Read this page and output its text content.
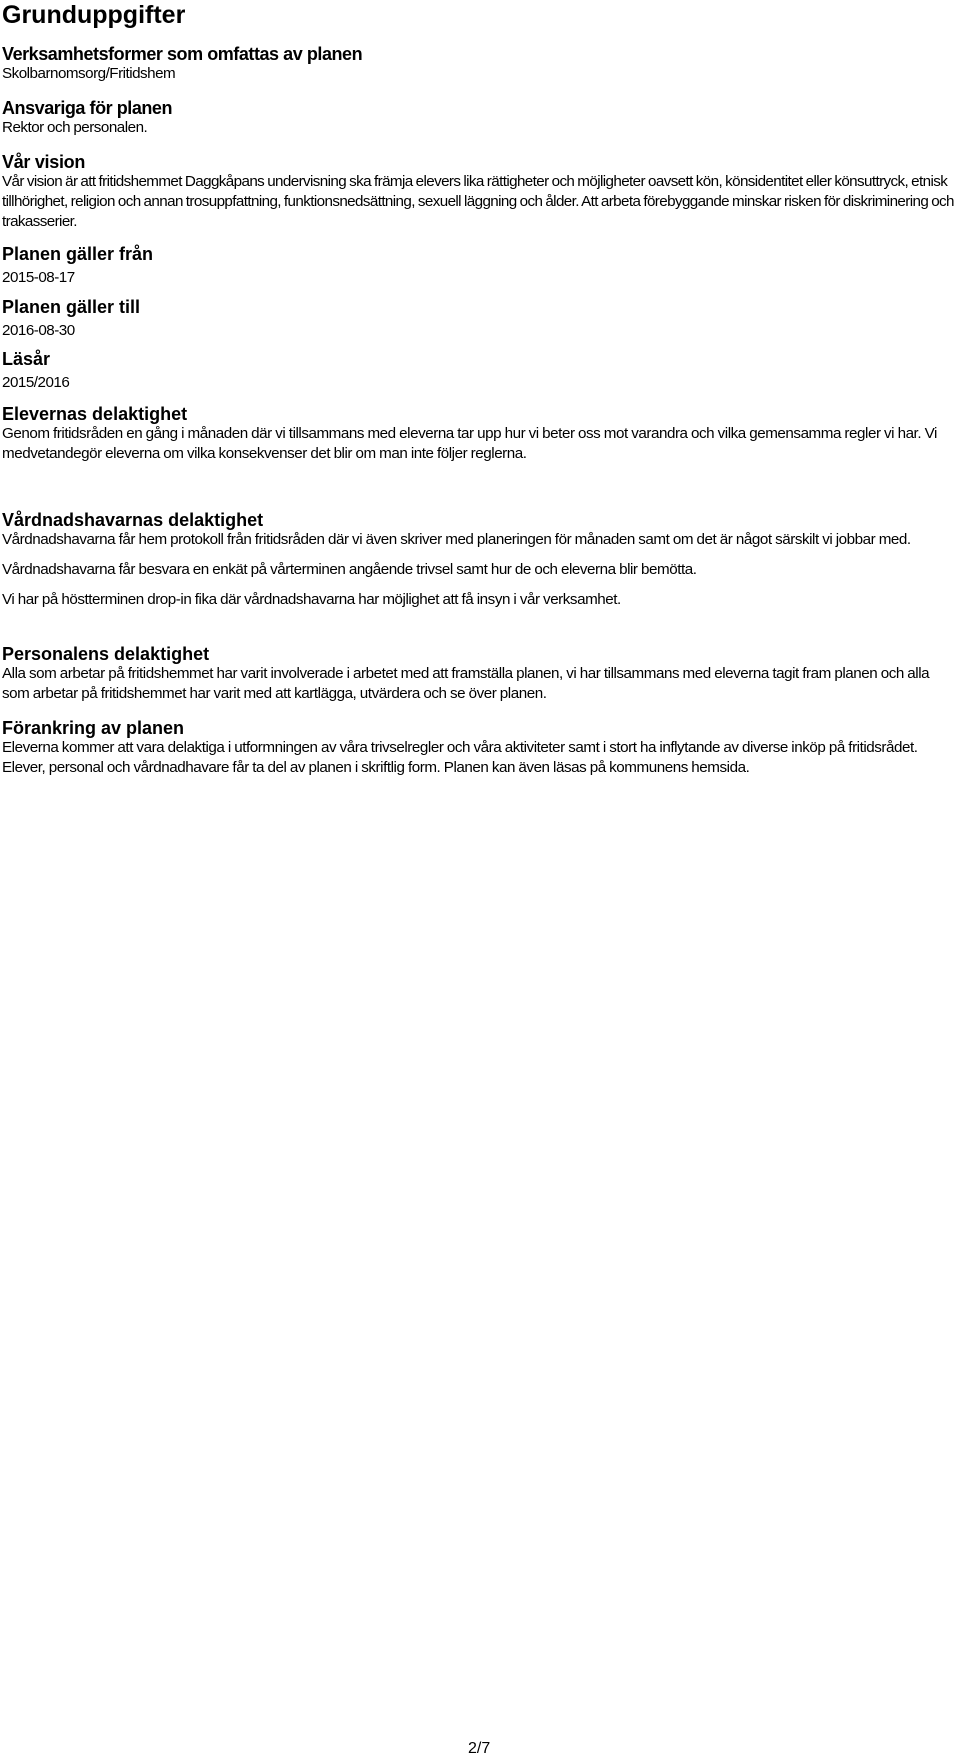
Grunduppgifter
Verksamhetsformer som omfattas av planen

Skolbarnomsorg/Fritidshem

Ansvariga för planen

Rektor och personalen.

Vår vision

Vår vision är att fritidshemmet Daggkåpans undervisning ska främja elevers lika rättigheter och möjligheter oavsett kön, könsidentitet eller könsuttryck, etnisk tillhörighet, religion och annan trosuppfattning, funktionsnedsättning, sexuell läggning och ålder. Att arbeta förebyggande minskar risken för diskriminering och trakasserier.

Planen gäller från

2015-08-17

Planen gäller till

2016-08-30

Läsår

2015/2016

Elevernas delaktighet

Genom fritidsråden en gång i månaden där vi tillsammans med eleverna tar upp hur vi beter oss mot varandra och vilka gemensamma regler vi har. Vi medvetandegör eleverna om vilka konsekvenser det blir om man inte följer reglerna.

Vårdnadshavarnas delaktighet

Vårdnadshavarna får hem protokoll från fritidsråden där vi även skriver med planeringen för månaden samt om det är något särskilt vi jobbar med.

Vårdnadshavarna får besvara en enkät på vårterminen angående trivsel samt hur de och eleverna blir bemötta.

Vi har på höstterminen drop-in fika där vårdnadshavarna har möjlighet att få insyn i vår verksamhet.

Personalens delaktighet

Alla som arbetar på fritidshemmet har varit involverade i arbetet med att framställa planen, vi har tillsammans med eleverna tagit fram planen och alla som arbetar på fritidshemmet har varit med att kartlägga, utvärdera och se över planen.

Förankring av planen

Eleverna kommer att vara delaktiga i utformningen av våra trivselregler och våra aktiviteter samt i stort ha inflytande av diverse inköp på fritidsrådet. Elever, personal och vårdnadhavare får ta del av planen i skriftlig form. Planen kan även läsas på kommunens hemsida.

2/7
